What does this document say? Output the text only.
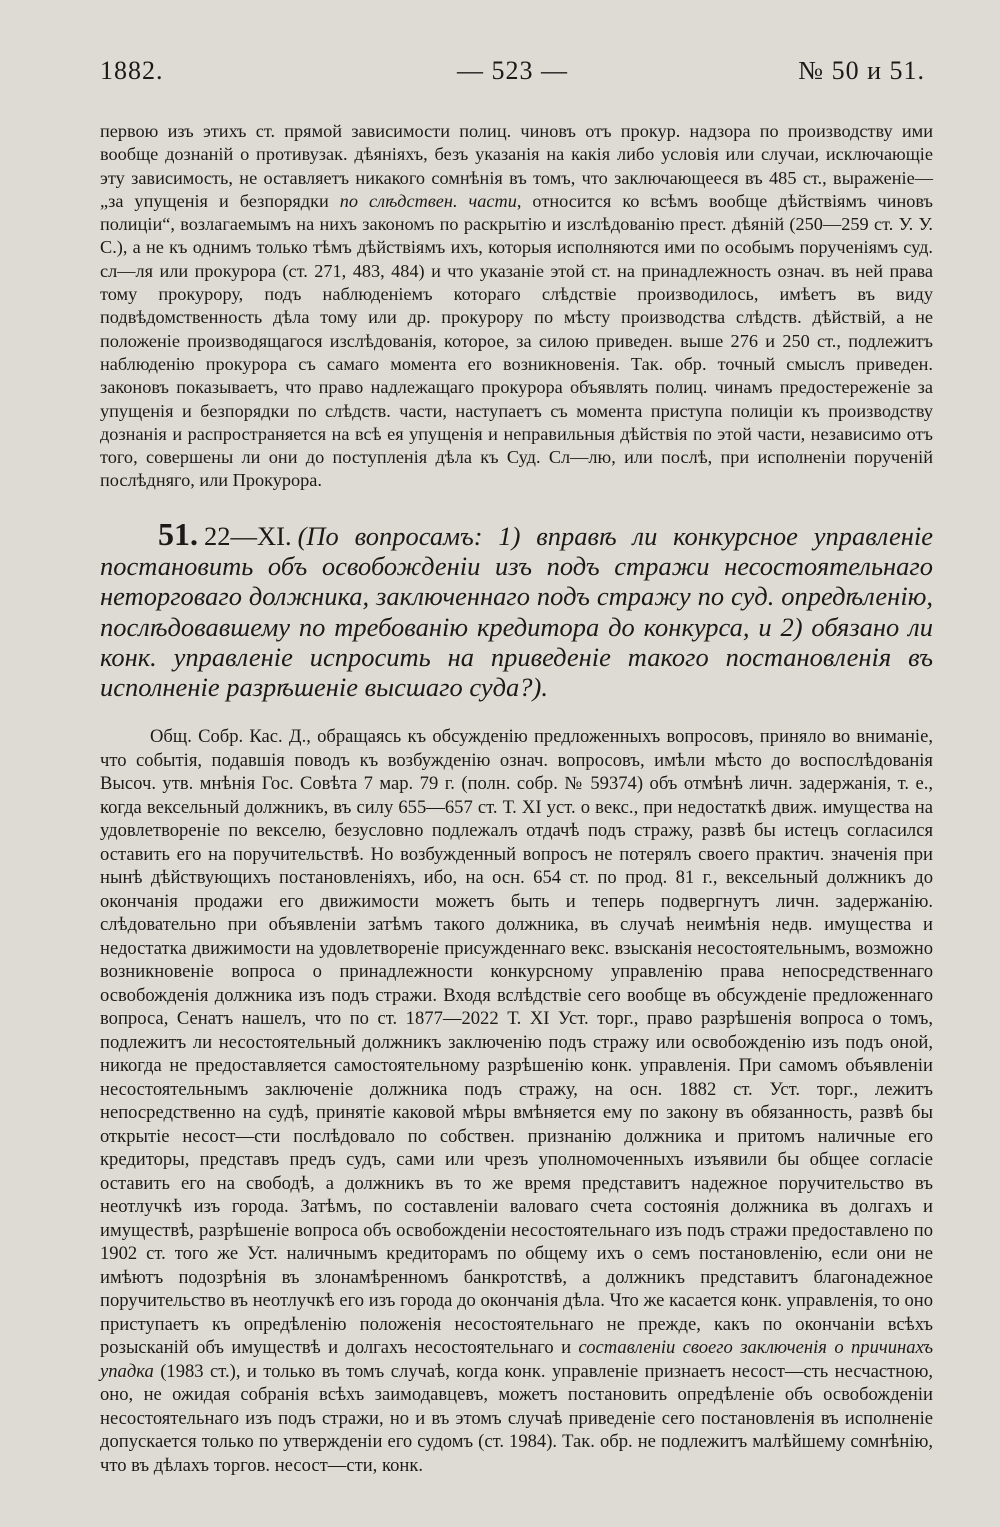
1882.	— 523 —	№ 50 и 51.

первою изъ этихъ ст. прямой зависимости полиц. чиновъ отъ прокур. надзора по производству ими вообще дознаній о противузак. дѣяніяхъ, безъ указанія на какія либо условія или случаи, исключающіе эту зависимость, не оставляетъ никакого сомнѣнія въ томъ, что заключающееся въ 485 ст., выраженіе—„за упущенія и безпорядки по слѣдствен. части, относится ко всѣмъ вообще дѣйствіямъ чиновъ полиціи“, возлагаемымъ на нихъ закономъ по раскрытію и изслѣдованію прест. дѣяній (250—259 ст. У. У. С.), а не къ однимъ только тѣмъ дѣйствіямъ ихъ, которыя исполняются ими по особымъ порученіямъ суд. сл—ля или прокурора (ст. 271, 483, 484) и что указаніе этой ст. на принадлежность означ. въ ней права тому прокурору, подъ наблюденіемъ котораго слѣдствіе производилось, имѣетъ въ виду подвѣдомственность дѣла тому или др. прокурору по мѣсту производства слѣдств. дѣйствій, а не положеніе производящагося изслѣдованія, которое, за силою приведен. выше 276 и 250 ст., подлежитъ наблюденію прокурора съ самаго момента его возникновенія. Так. обр. точный смыслъ приведен. законовъ показываетъ, что право надлежащаго прокурора объявлять полиц. чинамъ предостереженіе за упущенія и безпорядки по слѣдств. части, наступаетъ съ момента приступа полиціи къ производству дознанія и распространяется на всѣ ея упущенія и неправильныя дѣйствія по этой части, независимо отъ того, совершены ли они до поступленія дѣла къ Суд. Сл—лю, или послѣ, при исполненіи порученій послѣдняго, или Прокурора.

51. 22—XI. (По вопросамъ: 1) вправѣ ли конкурсное управленіе постановить объ освобожденіи изъ подъ стражи несостоятельнаго неторговаго должника, заключеннаго подъ стражу по суд. опредѣленію, послѣдовавшему по требованію кредитора до конкурса, и 2) обязано ли конк. управленіе испросить на приведеніе такого постановленія въ исполненіе разрѣшеніе высшаго суда?).

Общ. Собр. Кас. Д., обращаясь къ обсужденію предложенныхъ вопросовъ, приняло во вниманіе, что событія, подавшія поводъ къ возбужденію означ. вопросовъ, имѣли мѣсто до воспослѣдованія Высоч. утв. мнѣнія Гос. Совѣта 7 мар. 79 г. (полн. собр. № 59374) объ отмѣнѣ личн. задержанія, т. е., когда вексельный должникъ, въ силу 655—657 ст. Т. XI уст. о векс., при недостаткѣ движ. имущества на удовлетвореніе по векселю, безусловно подлежалъ отдачѣ подъ стражу, развѣ бы истецъ согласился оставить его на поручительствѣ. Но возбужденный вопросъ не потерялъ своего практич. значенія при нынѣ дѣйствующихъ постановленіяхъ, ибо, на осн. 654 ст. по прод. 81 г., вексельный должникъ до окончанія продажи его движимости можетъ быть и теперь подвергнутъ личн. задержанію. слѣдовательно при объявленіи затѣмъ такого должника, въ случаѣ неимѣнія недв. имущества и недостатка движимости на удовлетвореніе присужденнаго векс. взысканія несостоятельнымъ, возможно возникновеніе вопроса о принадлежности конкурсному управленію права непосредственнаго освобожденія должника изъ подъ стражи. Входя вслѣдствіе сего вообще въ обсужденіе предложеннаго вопроса, Сенатъ нашелъ, что по ст. 1877—2022 Т. XI Уст. торг., право разрѣшенія вопроса о томъ, подлежитъ ли несостоятельный должникъ заключенію подъ стражу или освобожденію изъ подъ оной, никогда не предоставляется самостоятельному разрѣшенію конк. управленія. При самомъ объявленіи несостоятельнымъ заключеніе должника подъ стражу, на осн. 1882 ст. Уст. торг., лежитъ непосредственно на судѣ, принятіе каковой мѣры вмѣняется ему по закону въ обязанность, развѣ бы открытіе несост—сти послѣдовало по собствен. признанію должника и притомъ наличные его кредиторы, представъ предъ судъ, сами или чрезъ уполномоченныхъ изъявили бы общее согласіе оставить его на свободѣ, а должникъ въ то же время представитъ надежное поручительство въ неотлучкѣ изъ города. Затѣмъ, по составленіи валоваго счета состоянія должника въ долгахъ и имуществѣ, разрѣшеніе вопроса объ освобожденіи несостоятельнаго изъ подъ стражи предоставлено по 1902 ст. того же Уст. наличнымъ кредиторамъ по общему ихъ о семъ постановленію, если они не имѣютъ подозрѣнія въ злонамѣренномъ банкротствѣ, а должникъ представитъ благонадежное поручительство въ неотлучкѣ его изъ города до окончанія дѣла. Что же касается конк. управленія, то оно приступаетъ къ опредѣленію положенія несостоятельнаго не прежде, какъ по окончаніи всѣхъ розысканій объ имуществѣ и долгахъ несостоятельнаго и составленіи своего заключенія о причинахъ упадка (1983 ст.), и только въ томъ случаѣ, когда конк. управленіе признаетъ несост—сть несчастною, оно, не ожидая собранія всѣхъ заимодавцевъ, можетъ постановить опредѣленіе объ освобожденіи несостоятельнаго изъ подъ стражи, но и въ этомъ случаѣ приведеніе сего постановленія въ исполненіе допускается только по утвержденіи его судомъ (ст. 1984). Так. обр. не подлежитъ малѣйшему сомнѣнію, что въ дѣлахъ торгов. несост—сти, конк.
